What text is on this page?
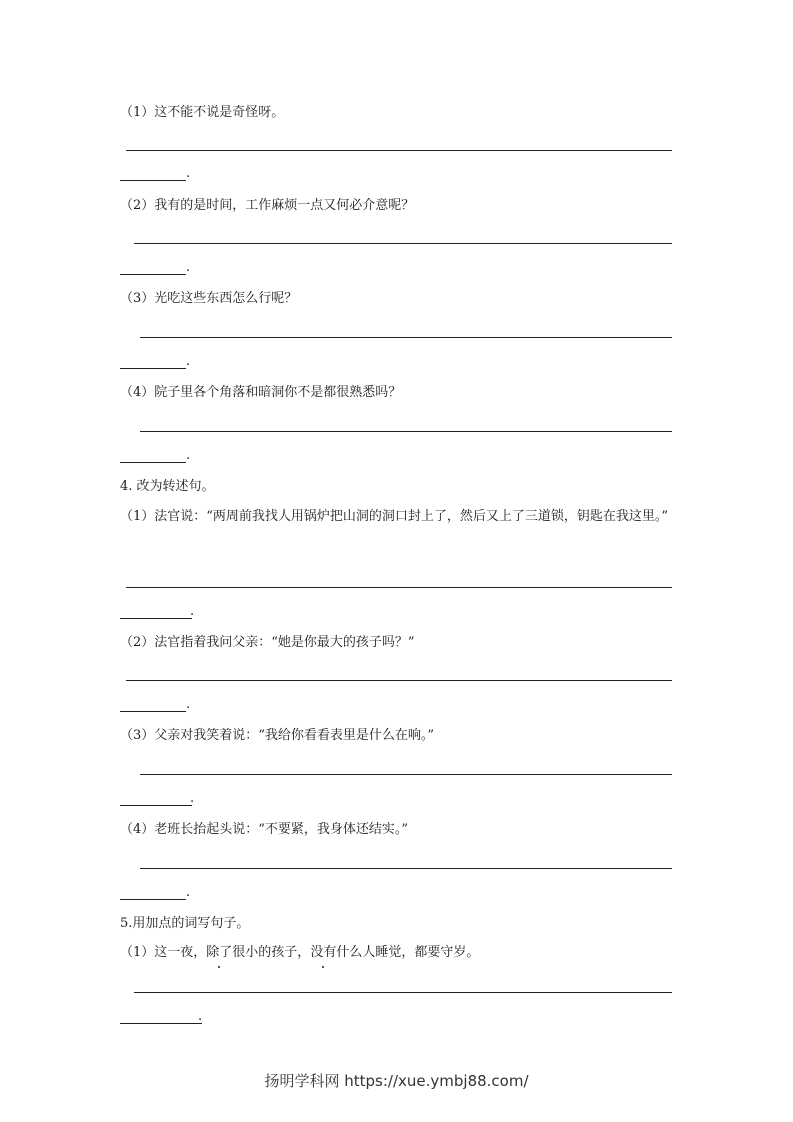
（1）这不能不说是奇怪呀。
.
（2）我有的是时间，工作麻烦一点又何必介意呢？
.
（3）光吃这些东西怎么行呢？
.
（4）院子里各个角落和暗洞你不是都很熟悉吗？
.
4. 改为转述句。
（1）法官说：“两周前我找人用锅炉把山洞的洞口封上了，然后又上了三道锁，钥匙在我这里。”
.
（2）法官指着我问父亲：“她是你最大的孩子吗？”
.
（3）父亲对我笑着说：“我给你看看表里是什么在响。”
.
（4）老班长抬起头说：“不要紧，我身体还结实。”
.
5.用加点的词写句子。
（1）这一夜，除了很小的孩子，没有什么人睡觉，都要守岁。
.
扬明学科网 https://xue.ymbj88.com/
